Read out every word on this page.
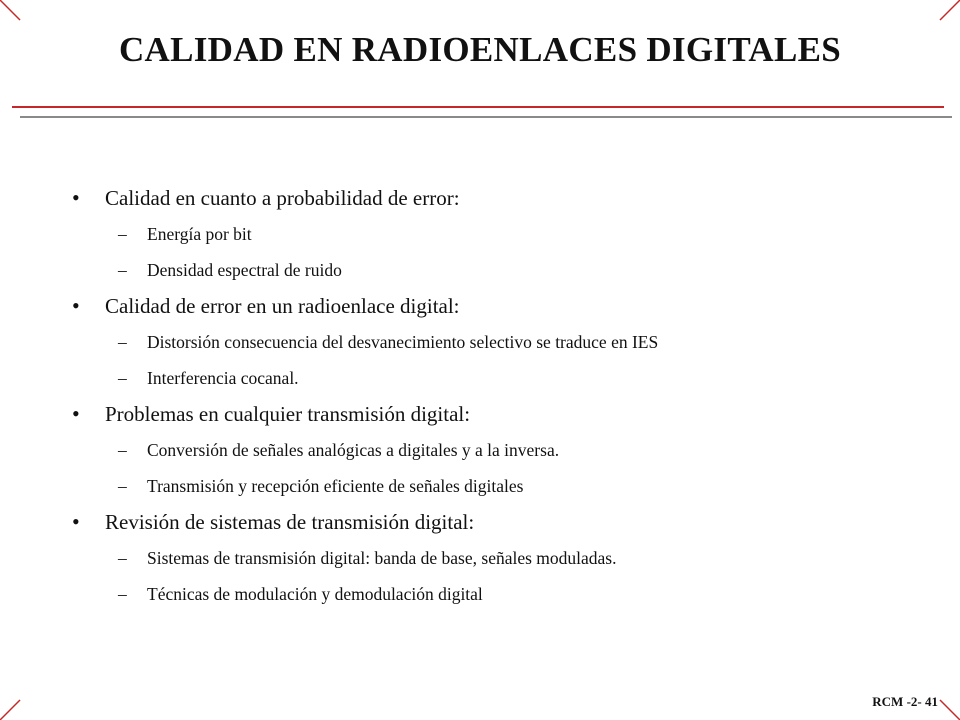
CALIDAD EN RADIOENLACES DIGITALES
• Calidad en cuanto a probabilidad de error:
– Energía por bit
– Densidad espectral de ruido
• Calidad de error en un radioenlace digital:
– Distorsión consecuencia del desvanecimiento selectivo se traduce en IES
– Interferencia cocanal.
• Problemas en cualquier transmisión digital:
– Conversión de señales analógicas a digitales y a la inversa.
– Transmisión y recepción eficiente de señales digitales
• Revisión de sistemas de transmisión digital:
– Sistemas de transmisión digital: banda de base, señales moduladas.
– Técnicas de modulación y demodulación digital
RCM -2- 41
